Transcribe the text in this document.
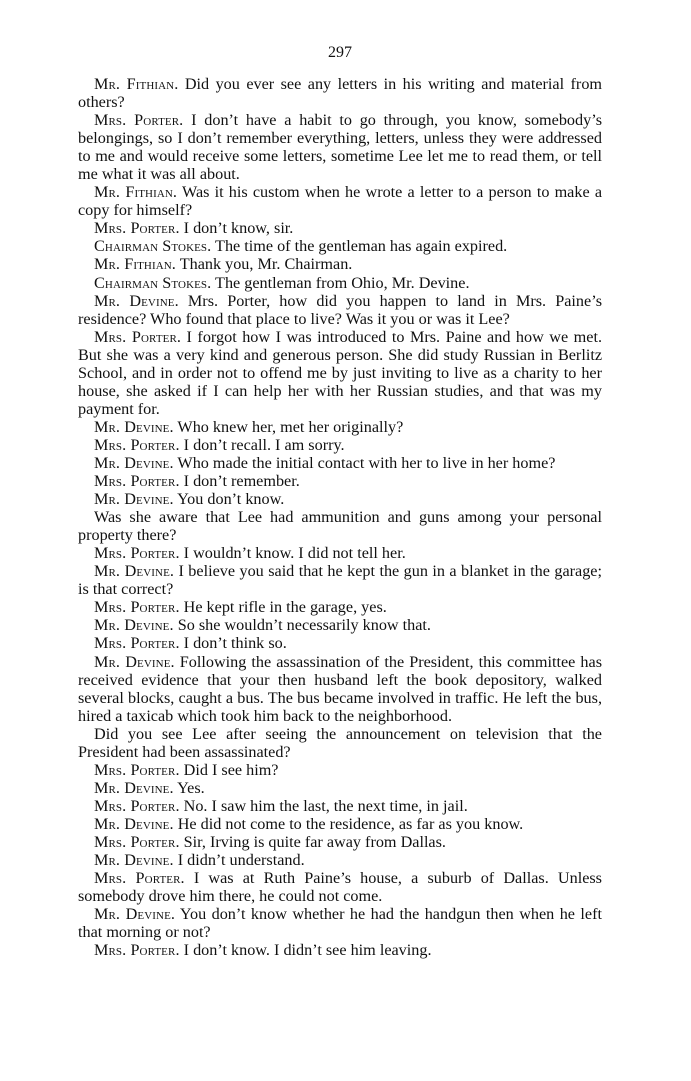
297

Mr. Fithian. Did you ever see any letters in his writing and material from others?

Mrs. Porter. I don’t have a habit to go through, you know, somebody’s belongings, so I don’t remember everything, letters, unless they were addressed to me and would receive some letters, sometime Lee let me to read them, or tell me what it was all about.

Mr. Fithian. Was it his custom when he wrote a letter to a person to make a copy for himself?

Mrs. Porter. I don’t know, sir.

Chairman Stokes. The time of the gentleman has again expired.

Mr. Fithian. Thank you, Mr. Chairman.

Chairman Stokes. The gentleman from Ohio, Mr. Devine.

Mr. Devine. Mrs. Porter, how did you happen to land in Mrs. Paine’s residence? Who found that place to live? Was it you or was it Lee?

Mrs. Porter. I forgot how I was introduced to Mrs. Paine and how we met. But she was a very kind and generous person. She did study Russian in Berlitz School, and in order not to offend me by just inviting to live as a charity to her house, she asked if I can help her with her Russian studies, and that was my payment for.

Mr. Devine. Who knew her, met her originally?

Mrs. Porter. I don’t recall. I am sorry.

Mr. Devine. Who made the initial contact with her to live in her home?

Mrs. Porter. I don’t remember.

Mr. Devine. You don’t know.

Was she aware that Lee had ammunition and guns among your personal property there?

Mrs. Porter. I wouldn’t know. I did not tell her.

Mr. Devine. I believe you said that he kept the gun in a blanket in the garage; is that correct?

Mrs. Porter. He kept rifle in the garage, yes.

Mr. Devine. So she wouldn’t necessarily know that.

Mrs. Porter. I don’t think so.

Mr. Devine. Following the assassination of the President, this committee has received evidence that your then husband left the book depository, walked several blocks, caught a bus. The bus became involved in traffic. He left the bus, hired a taxicab which took him back to the neighborhood.

Did you see Lee after seeing the announcement on television that the President had been assassinated?

Mrs. Porter. Did I see him?

Mr. Devine. Yes.

Mrs. Porter. No. I saw him the last, the next time, in jail.

Mr. Devine. He did not come to the residence, as far as you know.

Mrs. Porter. Sir, Irving is quite far away from Dallas.

Mr. Devine. I didn’t understand.

Mrs. Porter. I was at Ruth Paine’s house, a suburb of Dallas. Unless somebody drove him there, he could not come.

Mr. Devine. You don’t know whether he had the handgun then when he left that morning or not?

Mrs. Porter. I don’t know. I didn’t see him leaving.
